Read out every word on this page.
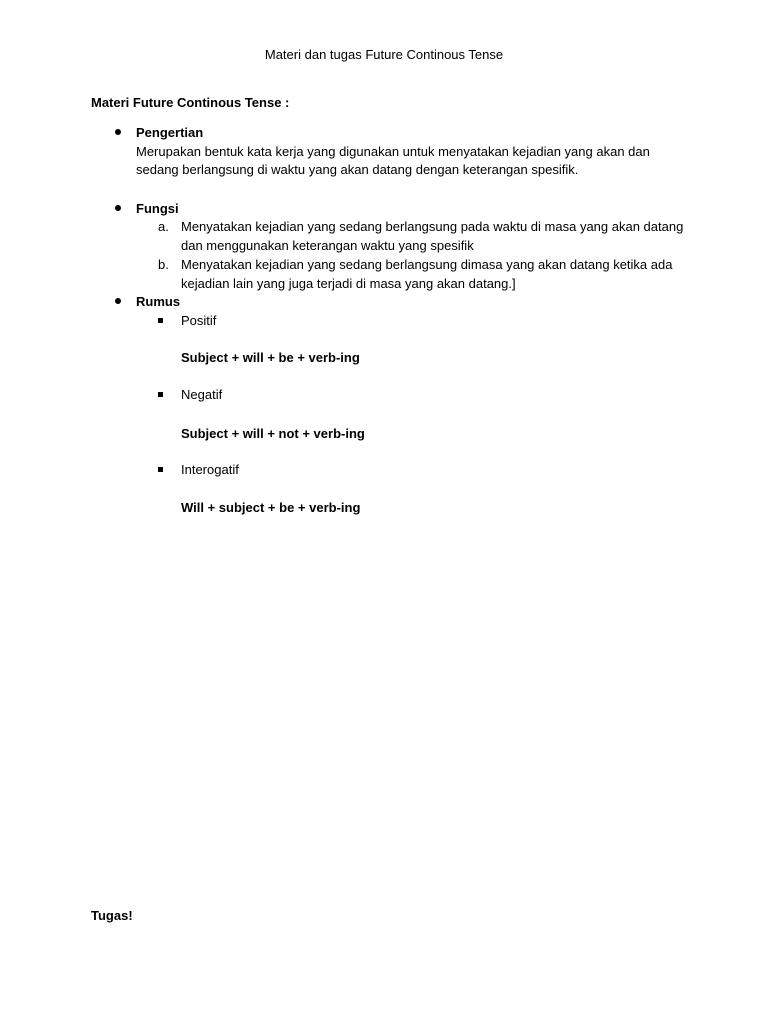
Materi dan tugas Future Continous Tense
Materi Future Continous Tense :
Pengertian
Merupakan bentuk kata kerja yang digunakan untuk menyatakan kejadian yang akan dan
sedang berlangsung di waktu yang akan datang dengan keterangan spesifik.
Fungsi
a. Menyatakan kejadian yang sedang berlangsung pada waktu di masa yang akan datang
dan menggunakan keterangan waktu yang spesifik
b. Menyatakan kejadian yang sedang berlangsung dimasa yang akan datang ketika ada
kejadian lain yang juga terjadi di masa yang akan datang.]
Rumus
Positif
Subject + will + be + verb-ing
Negatif
Subject + will + not + verb-ing
Interogatif
Will + subject + be + verb-ing
Tugas!
